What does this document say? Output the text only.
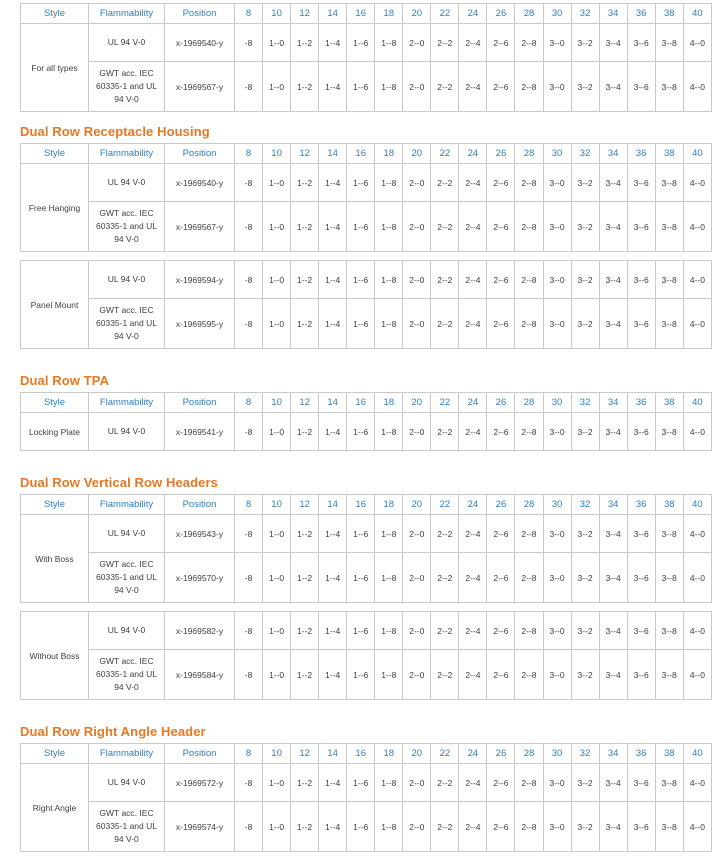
Style	Flammability	Position	8	10	12	14	16	18	20	22	24	26	28	30	32	34	36	38	40
For all types	UL 94 V-0	x-1969540-y	-8	1--0	1--2	1--4	1--6	1--8	2--0	2--2	2--4	2--6	2--8	3--0	3--2	3--4	3--6	3--8	4--0
	GWT acc. IEC 60335-1 and UL 94 V-0	x-1969567-y	-8	1--0	1--2	1--4	1--6	1--8	2--0	2--2	2--4	2--6	2--8	3--0	3--2	3--4	3--6	3--8	4--0
Dual Row Receptacle Housing
Style	Flammability	Position	8	10	12	14	16	18	20	22	24	26	28	30	32	34	36	38	40
Free Hanging	UL 94 V-0	x-1969540-y	-8	1--0	1--2	1--4	1--6	1--8	2--0	2--2	2--4	2--6	2--8	3--0	3--2	3--4	3--6	3--8	4--0
	GWT acc. IEC 60335-1 and UL 94 V-0	x-1969567-y	-8	1--0	1--2	1--4	1--6	1--8	2--0	2--2	2--4	2--6	2--8	3--0	3--2	3--4	3--6	3--8	4--0

Panel Mount	UL 94 V-0	x-1969594-y	-8	1--0	1--2	1--4	1--6	1--8	2--0	2--2	2--4	2--6	2--8	3--0	3--2	3--4	3--6	3--8	4--0
	GWT acc. IEC 60335-1 and UL 94 V-0	x-1969595-y	-8	1--0	1--2	1--4	1--6	1--8	2--0	2--2	2--4	2--6	2--8	3--0	3--2	3--4	3--6	3--8	4--0
Dual Row TPA
Style	Flammability	Position	8	10	12	14	16	18	20	22	24	26	28	30	32	34	36	38	40
Locking Plate	UL 94 V-0	x-1969541-y	-8	1--0	1--2	1--4	1--6	1--8	2--0	2--2	2--4	2--6	2--8	3--0	3--2	3--4	3--6	3--8	4--0
Dual Row Vertical Row Headers
Style	Flammability	Position	8	10	12	14	16	18	20	22	24	26	28	30	32	34	36	38	40
With Boss	UL 94 V-0	x-1969543-y	-8	1--0	1--2	1--4	1--6	1--8	2--0	2--2	2--4	2--6	2--8	3--0	3--2	3--4	3--6	3--8	4--0
	GWT acc. IEC 60335-1 and UL 94 V-0	x-1969570-y	-8	1--0	1--2	1--4	1--6	1--8	2--0	2--2	2--4	2--6	2--8	3--0	3--2	3--4	3--6	3--8	4--0

Without Boss	UL 94 V-0	x-1969582-y	-8	1--0	1--2	1--4	1--6	1--8	2--0	2--2	2--4	2--6	2--8	3--0	3--2	3--4	3--6	3--8	4--0
	GWT acc. IEC 60335-1 and UL 94 V-0	x-1969584-y	-8	1--0	1--2	1--4	1--6	1--8	2--0	2--2	2--4	2--6	2--8	3--0	3--2	3--4	3--6	3--8	4--0
Dual Row Right Angle Header
Style	Flammability	Position	8	10	12	14	16	18	20	22	24	26	28	30	32	34	36	38	40
Right Angle	UL 94 V-0	x-1969572-y	-8	1--0	1--2	1--4	1--6	1--8	2--0	2--2	2--4	2--6	2--8	3--0	3--2	3--4	3--6	3--8	4--0
	GWT acc. IEC 60335-1 and UL 94 V-0	x-1969574-y	-8	1--0	1--2	1--4	1--6	1--8	2--0	2--2	2--4	2--6	2--8	3--0	3--2	3--4	3--6	3--8	4--0
